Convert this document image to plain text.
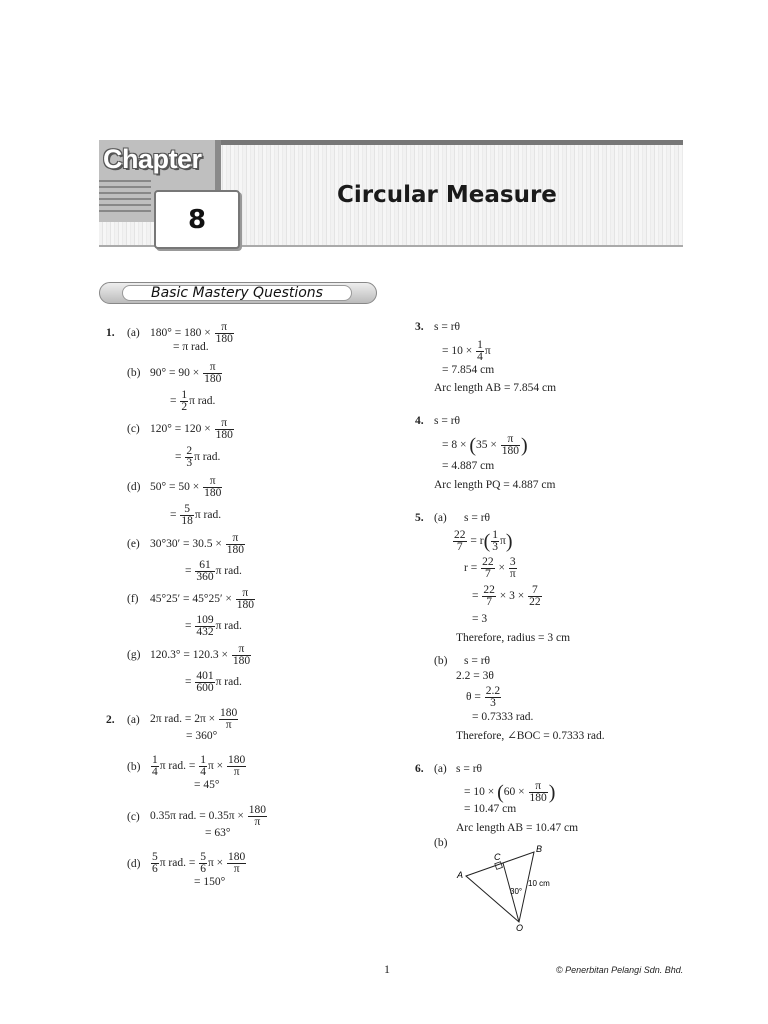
Chapter
8
Circular Measure
Basic Mastery Questions
1. (a) $180^\circ = 180 \times \frac{\pi}{180}$
= π rad.
(b) $90^\circ = 90 \times \frac{\pi}{180}$
= $\frac{1}{2}$ π rad.
(c) $120^\circ = 120 \times \frac{\pi}{180}$
= $\frac{2}{3}$ π rad.
(d) $50^\circ = 50 \times \frac{\pi}{180}$
= $\frac{5}{18}$ π rad.
(e) $30^\circ 30' = 30.5 \times \frac{\pi}{180}$
= $\frac{61}{360}$ π rad.
(f) $45^\circ 25' = 45^\circ 25' \times \frac{\pi}{180}$
= $\frac{109}{432}$ π rad.
(g) $120.3^\circ = 120.3 \times \frac{\pi}{180}$
= $\frac{401}{600}$ π rad.
2. (a) 2π rad. = $2\pi \times \frac{180}{\pi}$
= 360°
$(b) \frac{1}{4}$ π rad. = $\frac{1}{4}$ $\pi \times \frac{180}{\pi}$
= 45°
(c) 0.35π rad. = $0.35\pi \times \frac{180}{\pi}$
= 63°
$(d) \frac{5}{6}$ π rad. = $\frac{5}{6}$ $\pi \times \frac{180}{\pi}$
= 150°
3. s = rθ
= $10 \times \frac{1}{4}$ π
= 7.854 cm
Arc length AB = 7.854 cm
4. s = rθ
= $8 \times (35 \times \frac{\pi}{180}$ )
= 4.887 cm
Arc length PQ = 4.887 cm
5. (a) s = rθ
$\frac{22}{7} = r( \frac{1}{3} \pi)$
$r = \frac{22}{7} \times \frac{3}{\pi}$
= $\frac{22}{7} \times 3 \times \frac{7}{22}$
= 3
Therefore, radius = 3 cm
(b) s = rθ
2.2 = 3θ
$\theta = \frac{2.2}{3}$
= 0.7333 rad.
Therefore, ∠BOC = 0.7333 rad.
6. (a) s = rθ
= $10 \times (60 \times \frac{\pi}{180}$ )
= 10.47 cm
Arc length AB = 10.47 cm
(b)
A
B
C
O
30°
10 cm
1	© Penerbitan Pelangi Sdn. Bhd.
